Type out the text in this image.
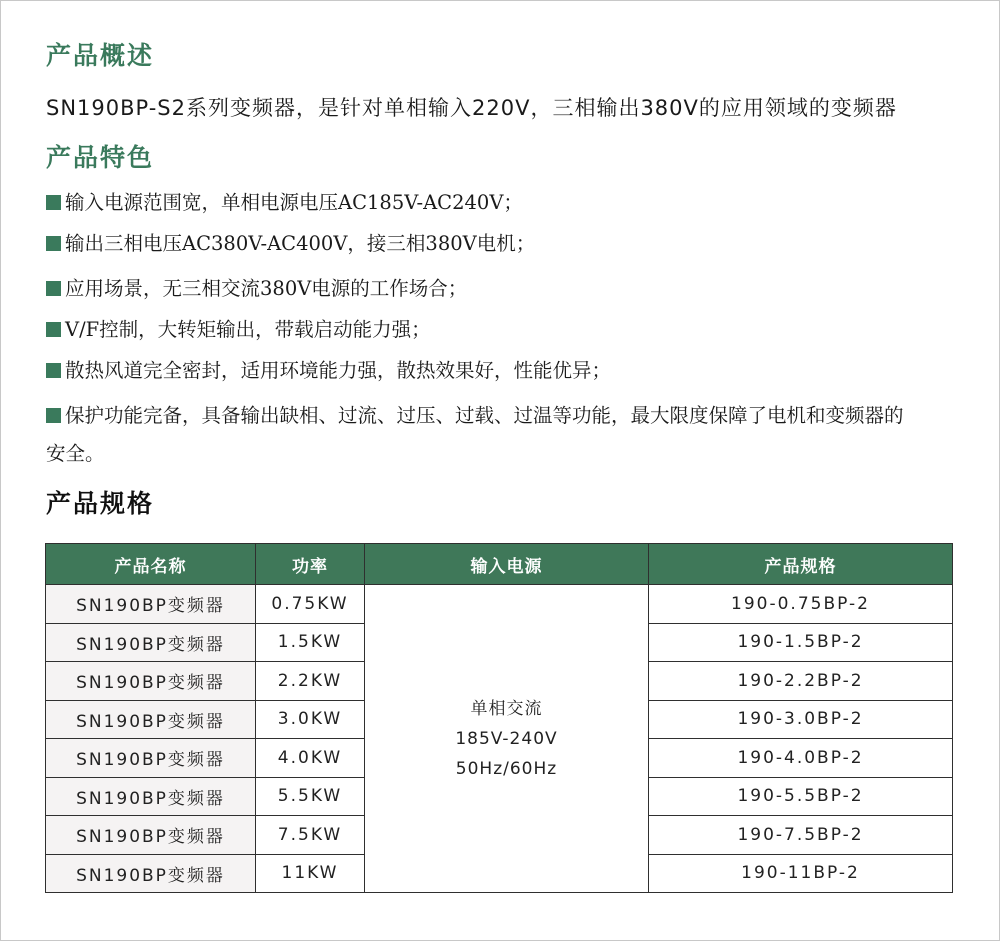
产品概述

SN190BP-S2系列变频器，是针对单相输入220V，三相输出380V的应用领域的变频器

产品特色

输入电源范围宽，单相电源电压AC185V-AC240V；

输出三相电压AC380V-AC400V，接三相380V电机；

应用场景，无三相交流380V电源的工作场合；

V/F控制，大转矩输出，带载启动能力强；

散热风道完全密封，适用环境能力强，散热效果好，性能优异；

保护功能完备，具备输出缺相、过流、过压、过载、过温等功能，最大限度保障了电机和变频器的安全。

产品规格
产品名称	功率	输入电源	产品规格
SN190BP变频器	0.75KW	单相交流
185V-240V
50Hz/60Hz	190-0.75BP-2
SN190BP变频器	1.5KW		190-1.5BP-2
SN190BP变频器	2.2KW		190-2.2BP-2
SN190BP变频器	3.0KW		190-3.0BP-2
SN190BP变频器	4.0KW		190-4.0BP-2
SN190BP变频器	5.5KW		190-5.5BP-2
SN190BP变频器	7.5KW		190-7.5BP-2
SN190BP变频器	11KW		190-11BP-2
